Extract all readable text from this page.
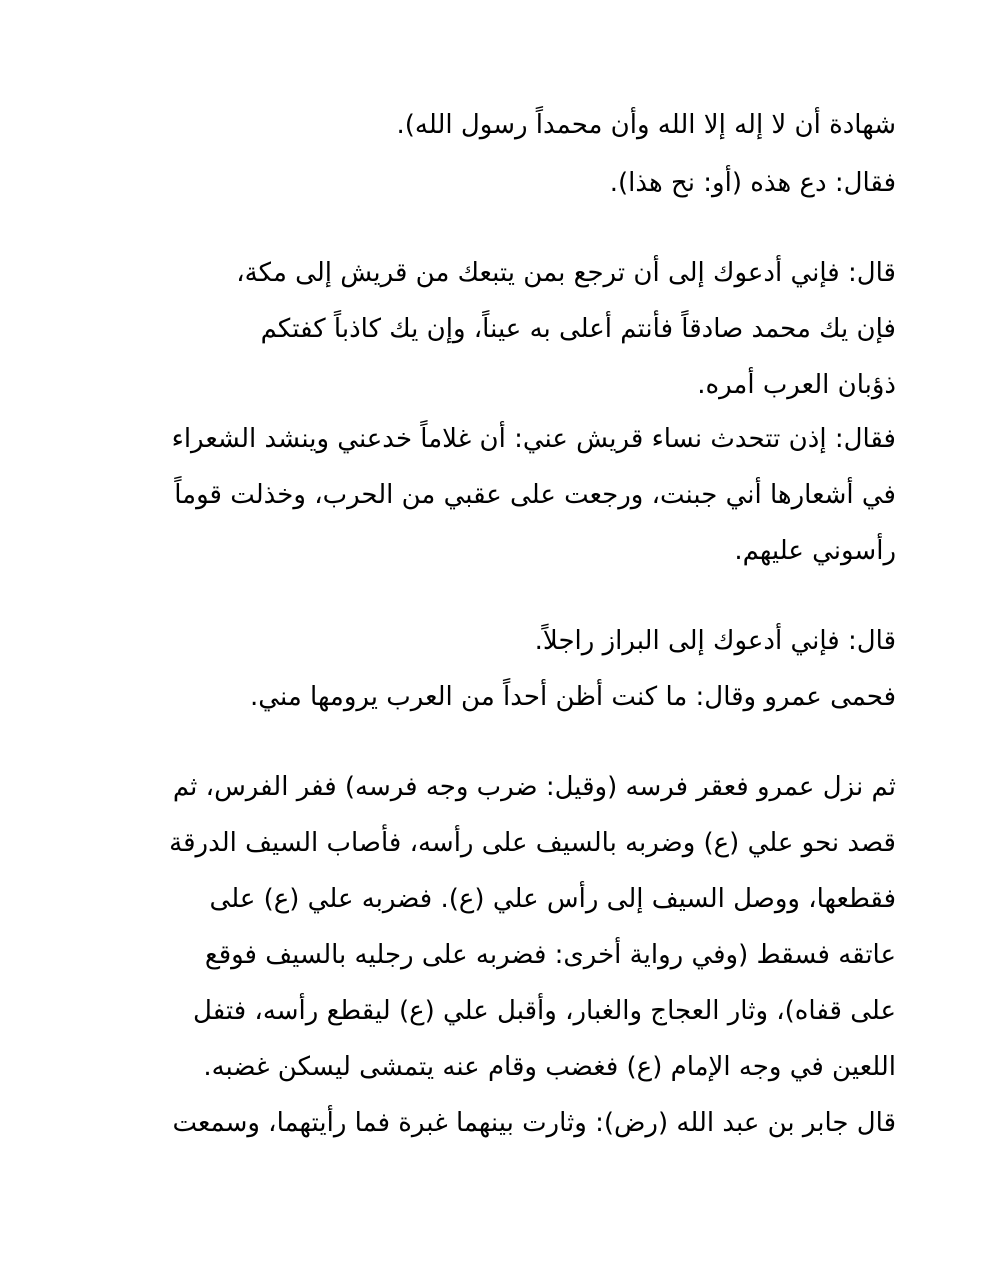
شهادة أن لا إله إلا الله وأن محمداً رسول الله).
فقال: دع هذه (أو: نح هذا).
قال: فإني أدعوك إلى أن ترجع بمن يتبعك من قريش إلى مكة،
فإن يك محمد صادقاً فأنتم أعلى به عيناً، وإن يك كاذباً كفتكم
ذؤبان العرب أمره.
فقال: إذن تتحدث نساء قريش عني: أن غلاماً خدعني وينشد الشعراء
في أشعارها أني جبنت، ورجعت على عقبي من الحرب، وخذلت قوماً
رأسوني عليهم.
قال: فإني أدعوك إلى البراز راجلاً.
فحمى عمرو وقال: ما كنت أظن أحداً من العرب يرومها مني.
ثم نزل عمرو فعقر فرسه (وقيل: ضرب وجه فرسه) ففر الفرس، ثم
قصد نحو علي (ع) وضربه بالسيف على رأسه، فأصاب السيف الدرقة
فقطعها، ووصل السيف إلى رأس علي (ع). فضربه علي (ع) على
عاتقه فسقط (وفي رواية أخرى: فضربه على رجليه بالسيف فوقع
على قفاه)، وثار العجاج والغبار، وأقبل علي (ع) ليقطع رأسه، فتفل
اللعين في وجه الإمام (ع) فغضب وقام عنه يتمشى ليسكن غضبه.
قال جابر بن عبد الله (رض): وثارت بينهما غبرة فما رأيتهما، وسمعت
